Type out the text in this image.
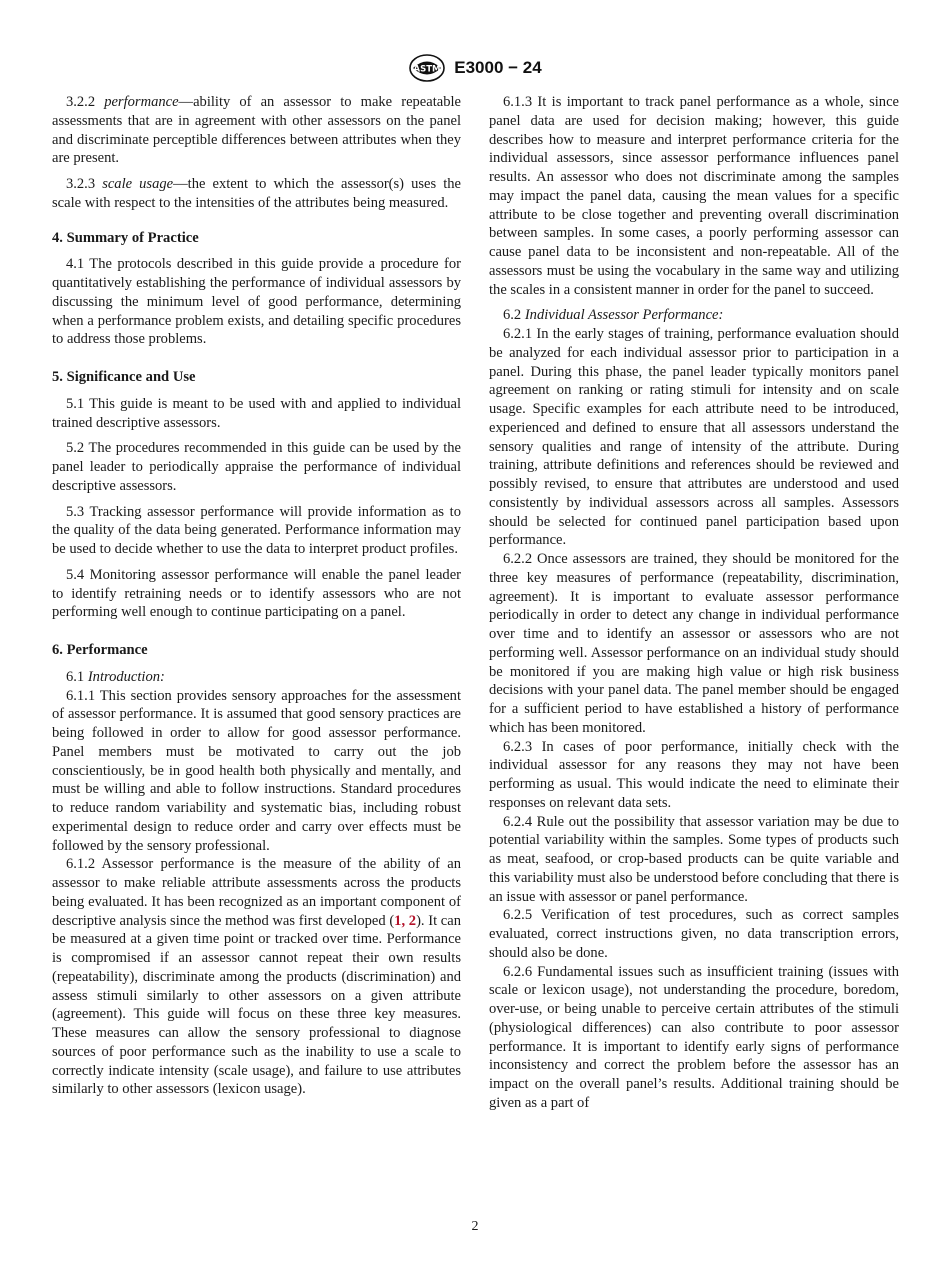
ASTM E3000 − 24

3.2.2 performance—ability of an assessor to make repeatable assessments that are in agreement with other assessors on the panel and discriminate perceptible differences between attributes when they are present.

3.2.3 scale usage—the extent to which the assessor(s) uses the scale with respect to the intensities of the attributes being measured.

4. Summary of Practice

4.1 The protocols described in this guide provide a procedure for quantitatively establishing the performance of individual assessors by discussing the minimum level of good performance, determining when a performance problem exists, and detailing specific procedures to address those problems.

5. Significance and Use

5.1 This guide is meant to be used with and applied to individual trained descriptive assessors.

5.2 The procedures recommended in this guide can be used by the panel leader to periodically appraise the performance of individual descriptive assessors.

5.3 Tracking assessor performance will provide information as to the quality of the data being generated. Performance information may be used to decide whether to use the data to interpret product profiles.

5.4 Monitoring assessor performance will enable the panel leader to identify retraining needs or to identify assessors who are not performing well enough to continue participating on a panel.

6. Performance

6.1 Introduction:

6.1.1 This section provides sensory approaches for the assessment of assessor performance. It is assumed that good sensory practices are being followed in order to allow for good assessor performance. Panel members must be motivated to carry out the job conscientiously, be in good health both physically and mentally, and must be willing and able to follow instructions. Standard procedures to reduce random variability and systematic bias, including robust experimental design to reduce order and carry over effects must be followed by the sensory professional.

6.1.2 Assessor performance is the measure of the ability of an assessor to make reliable attribute assessments across the products being evaluated. It has been recognized as an important component of descriptive analysis since the method was first developed (1, 2). It can be measured at a given time point or tracked over time. Performance is compromised if an assessor cannot repeat their own results (repeatability), discriminate among the products (discrimination) and assess stimuli similarly to other assessors on a given attribute (agreement). This guide will focus on these three key measures. These measures can allow the sensory professional to diagnose sources of poor performance such as the inability to use a scale to correctly indicate intensity (scale usage), and failure to use attributes similarly to other assessors (lexicon usage).

6.1.3 It is important to track panel performance as a whole, since panel data are used for decision making; however, this guide describes how to measure and interpret performance criteria for the individual assessors, since assessor performance influences panel results. An assessor who does not discriminate among the samples may impact the panel data, causing the mean values for a specific attribute to be close together and preventing overall discrimination between samples. In some cases, a poorly performing assessor can cause panel data to be inconsistent and non-repeatable. All of the assessors must be using the vocabulary in the same way and utilizing the scales in a consistent manner in order for the panel to succeed.

6.2 Individual Assessor Performance:

6.2.1 In the early stages of training, performance evaluation should be analyzed for each individual assessor prior to participation in a panel. During this phase, the panel leader typically monitors panel agreement on ranking or rating stimuli for intensity and on scale usage. Specific examples for each attribute need to be introduced, experienced and defined to ensure that all assessors understand the sensory qualities and range of intensity of the attribute. During training, attribute definitions and references should be reviewed and possibly revised, to ensure that attributes are understood and used consistently by individual assessors across all samples. Assessors should be selected for continued panel participation based upon performance.

6.2.2 Once assessors are trained, they should be monitored for the three key measures of performance (repeatability, discrimination, agreement). It is important to evaluate assessor performance periodically in order to detect any change in individual performance over time and to identify an assessor or assessors who are not performing well. Assessor performance on an individual study should be monitored if you are making high value or high risk business decisions with your panel data. The panel member should be engaged for a sufficient period to have established a history of performance which has been monitored.

6.2.3 In cases of poor performance, initially check with the individual assessor for any reasons they may not have been performing as usual. This would indicate the need to eliminate their responses on relevant data sets.

6.2.4 Rule out the possibility that assessor variation may be due to potential variability within the samples. Some types of products such as meat, seafood, or crop-based products can be quite variable and this variability must also be understood before concluding that there is an issue with assessor or panel performance.

6.2.5 Verification of test procedures, such as correct samples evaluated, correct instructions given, no data transcription errors, should also be done.

6.2.6 Fundamental issues such as insufficient training (issues with scale or lexicon usage), not understanding the procedure, boredom, over-use, or being unable to perceive certain attributes of the stimuli (physiological differences) can also contribute to poor assessor performance. It is important to identify early signs of performance inconsistency and correct the problem before the assessor has an impact on the overall panel’s results. Additional training should be given as a part of

2
